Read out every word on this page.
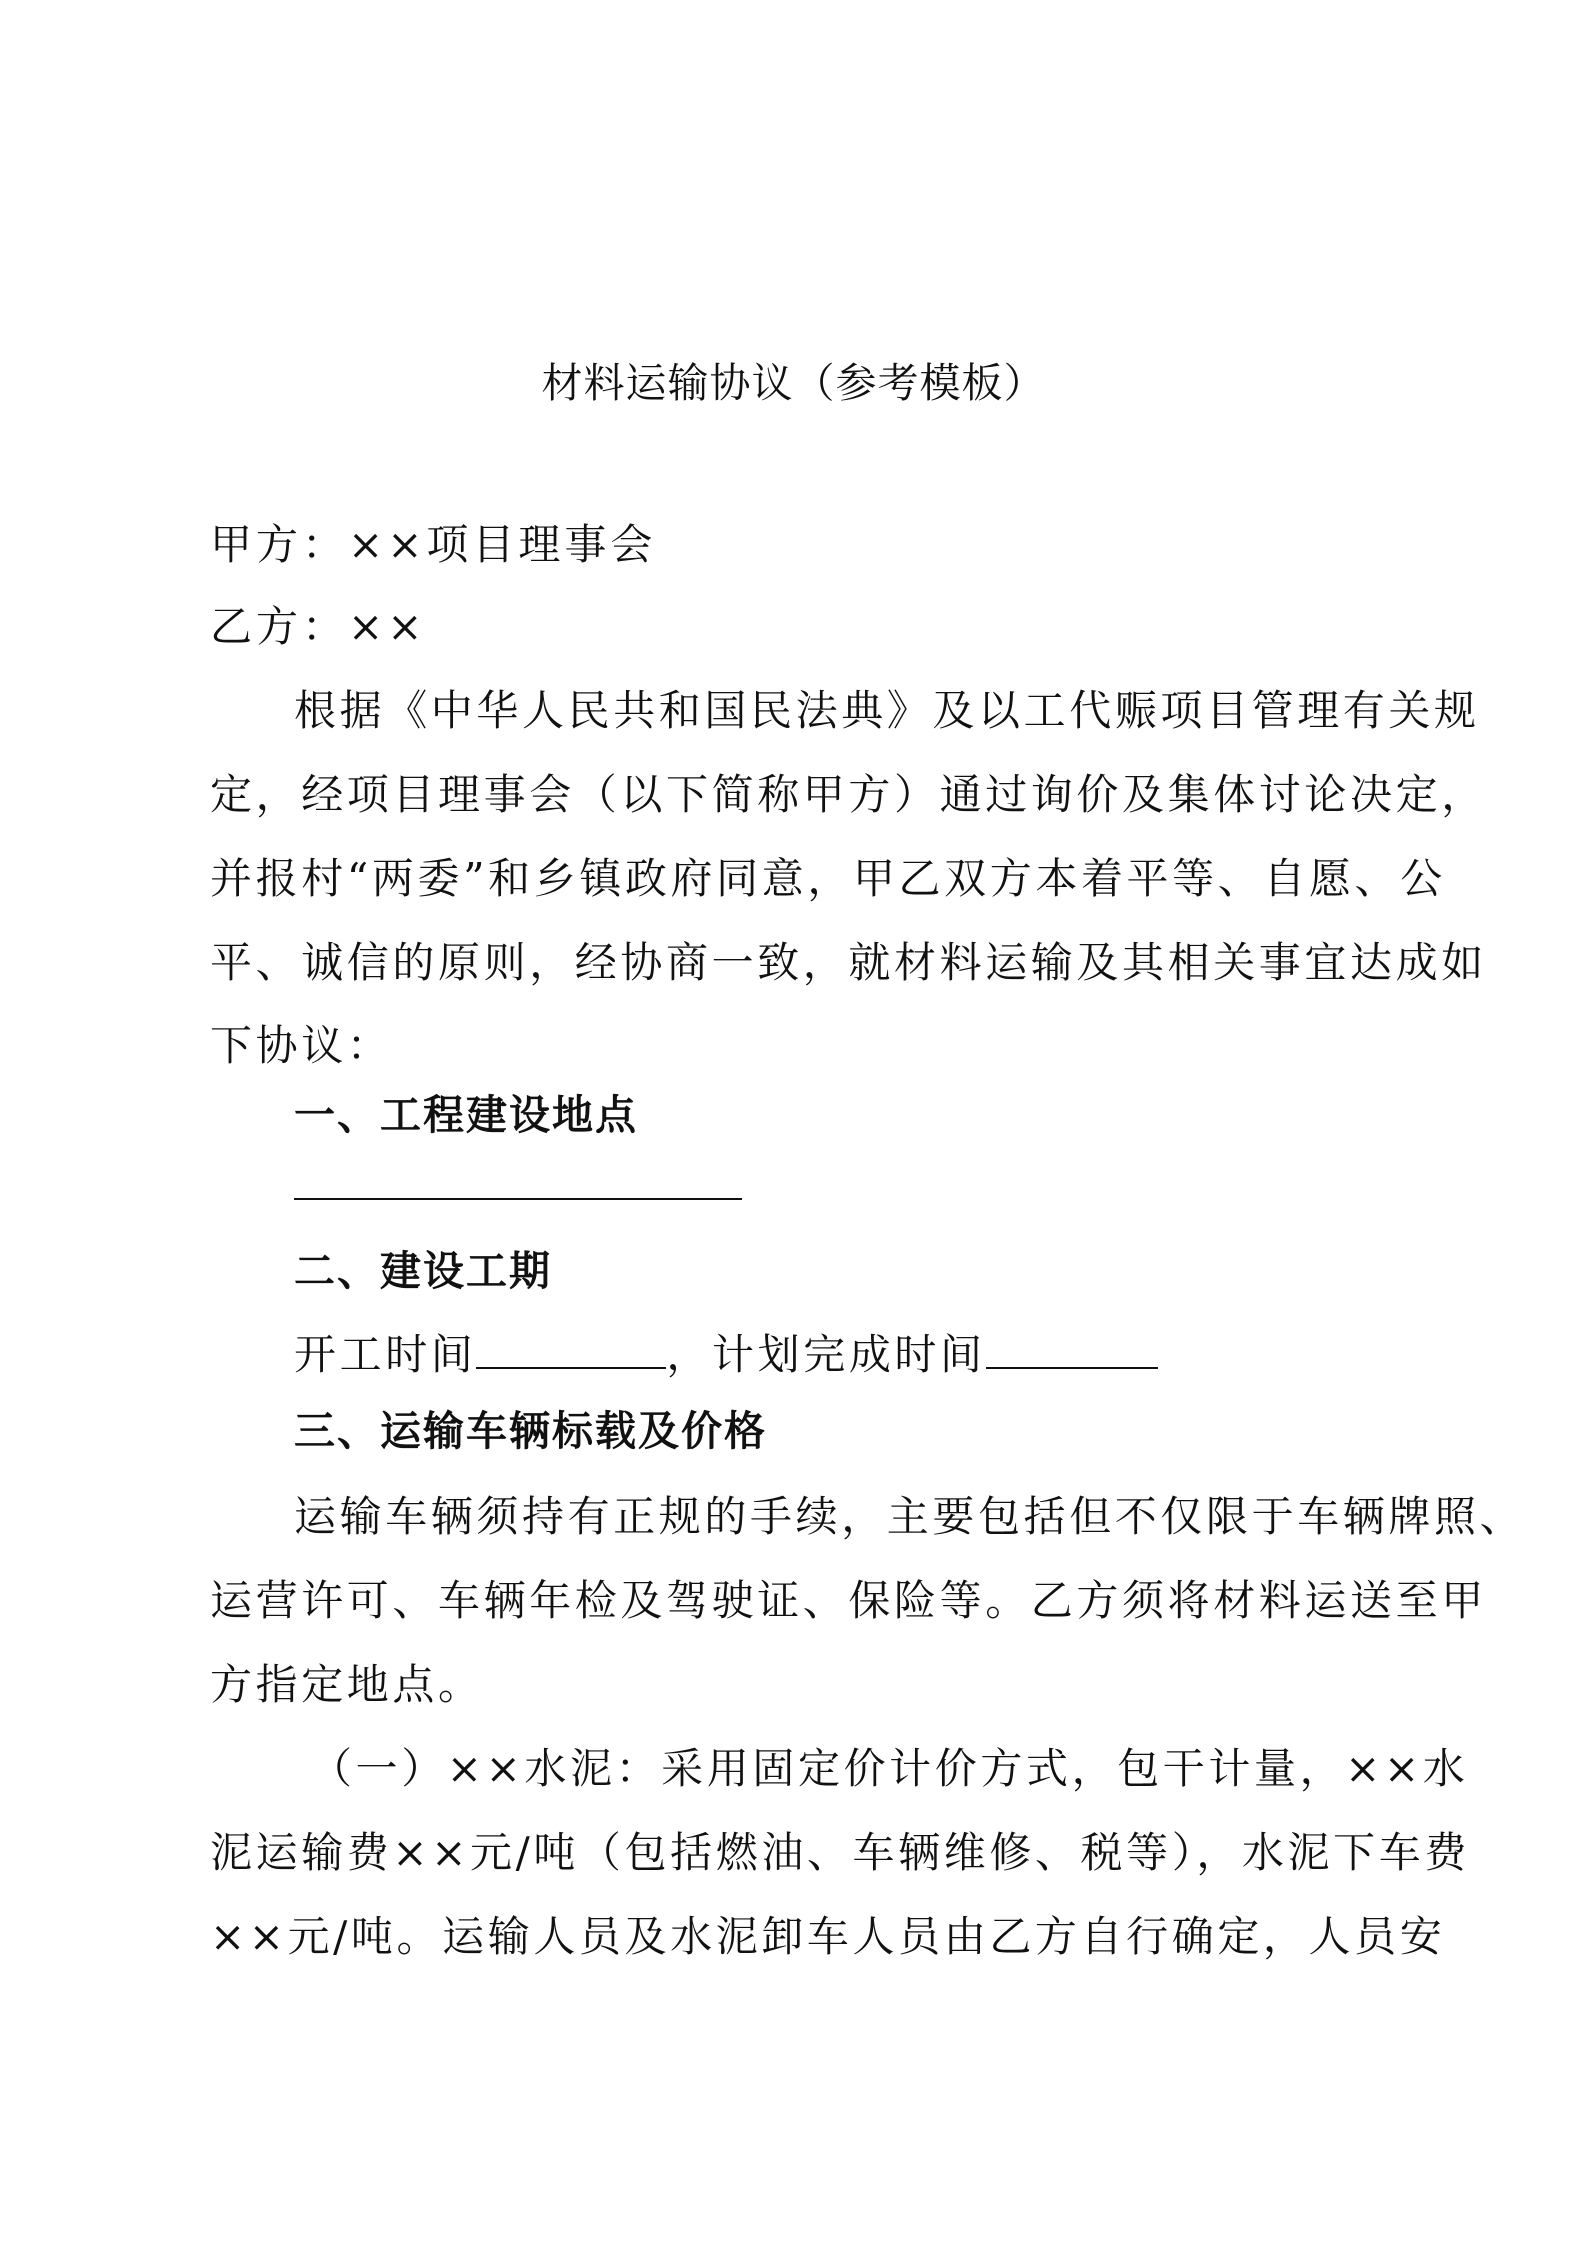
材料运输协议（参考模板）
甲方：××项目理事会
乙方：××
根据《中华人民共和国民法典》及以工代赈项目管理有关规
定，经项目理事会（以下简称甲方）通过询价及集体讨论决定，
并报村“两委”和乡镇政府同意，甲乙双方本着平等、自愿、公
平、诚信的原则，经协商一致，就材料运输及其相关事宜达成如
下协议：
一、工程建设地点
二、建设工期
开工时间	，计划完成时间
三、运输车辆标载及价格
运输车辆须持有正规的手续，主要包括但不仅限于车辆牌照、
运营许可、车辆年检及驾驶证、保险等。乙方须将材料运送至甲
方指定地点。
（一）××水泥：采用固定价计价方式，包干计量，××水
泥运输费××元/吨（包括燃油、车辆维修、税等），水泥下车费
××元/吨。运输人员及水泥卸车人员由乙方自行确定，人员安
